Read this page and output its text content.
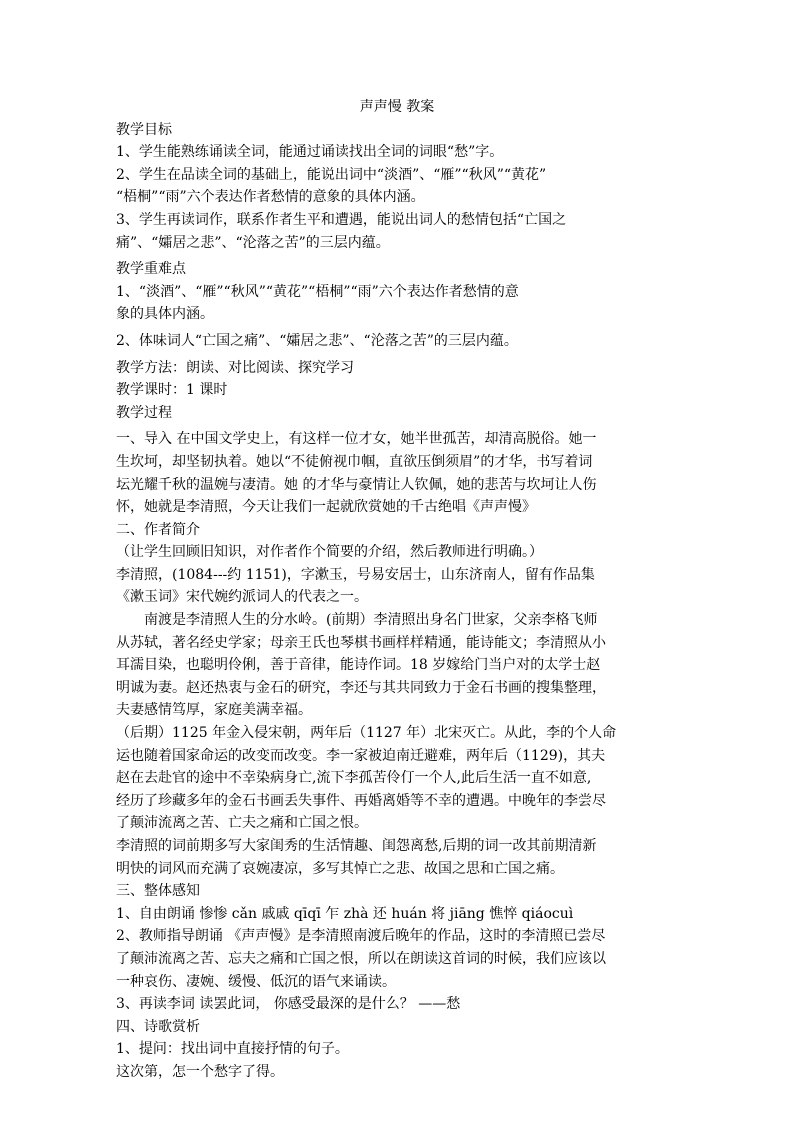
声声慢 教案
教学目标
1、学生能熟练诵读全词，能通过诵读找出全词的词眼“愁”字。
2、学生在品读全词的基础上，能说出词中“淡酒”、“雁”“秋风”“黄花”
“梧桐”“雨”六个表达作者愁情的意象的具体内涵。
3、学生再读词作，联系作者生平和遭遇，能说出词人的愁情包括“亡国之
痛”、“孀居之悲”、“沦落之苦”的三层内蕴。
教学重难点
1、“淡酒”、“雁”“秋风”“黄花”“梧桐”“雨”六个表达作者愁情的意
象的具体内涵。
2、体味词人“亡国之痛”、“孀居之悲”、“沦落之苦”的三层内蕴。
教学方法：朗读、对比阅读、探究学习
教学课时：1 课时
教学过程
一、导入 在中国文学史上，有这样一位才女，她半世孤苦，却清高脱俗。她一
生坎坷，却坚韧执着。她以“不徒俯视巾帼，直欲压倒须眉”的才华，书写着词
坛光耀千秋的温婉与凄清。她 的才华与豪情让人钦佩，她的悲苦与坎坷让人伤
怀，她就是李清照，今天让我们一起就欣赏她的千古绝唱《声声慢》
二、作者简介
（让学生回顾旧知识，对作者作个简要的介绍，然后教师进行明确。）
李清照，(1084---约 1151)，字漱玉，号易安居士，山东济南人，留有作品集
《漱玉词》宋代婉约派词人的代表之一。
南渡是李清照人生的分水岭。(前期）李清照出身名门世家，父亲李格飞师
从苏轼，著名经史学家；母亲王氏也琴棋书画样样精通，能诗能文；李清照从小
耳濡目染，也聪明伶俐，善于音律，能诗作词。18 岁嫁给门当户对的太学士赵
明诚为妻。赵还热衷与金石的研究，李还与其共同致力于金石书画的搜集整理，
夫妻感情笃厚，家庭美满幸福。
（后期）1125 年金入侵宋朝，两年后（1127 年）北宋灭亡。从此，李的个人命
运也随着国家命运的改变而改变。李一家被迫南迁避难，两年后（1129)，其夫
赵在去赴官的途中不幸染病身亡,流下李孤苦伶仃一个人,此后生活一直不如意,
经历了珍藏多年的金石书画丢失事件、再婚离婚等不幸的遭遇。中晚年的李尝尽
了颠沛流离之苦、亡夫之痛和亡国之恨。
李清照的词前期多写大家闺秀的生活情趣、闺怨离愁,后期的词一改其前期清新
明快的词风而充满了哀婉凄凉，多写其悼亡之悲、故国之思和亡国之痛。
三、整体感知
1、自由朗诵 惨惨 cǎn 戚戚 qīqī 乍 zhà 还 huán 将 jiāng 憔悴 qiáocuì
2、教师指导朗诵 《声声慢》是李清照南渡后晚年的作品，这时的李清照已尝尽
了颠沛流离之苦、忘夫之痛和亡国之恨，所以在朗读这首词的时候，我们应该以
一种哀伤、凄婉、缓慢、低沉的语气来诵读。
3、再读李词 读罢此词， 你感受最深的是什么？ ——愁
四、诗歌赏析
1、提问：找出词中直接抒情的句子。
这次第，怎一个愁字了得。
